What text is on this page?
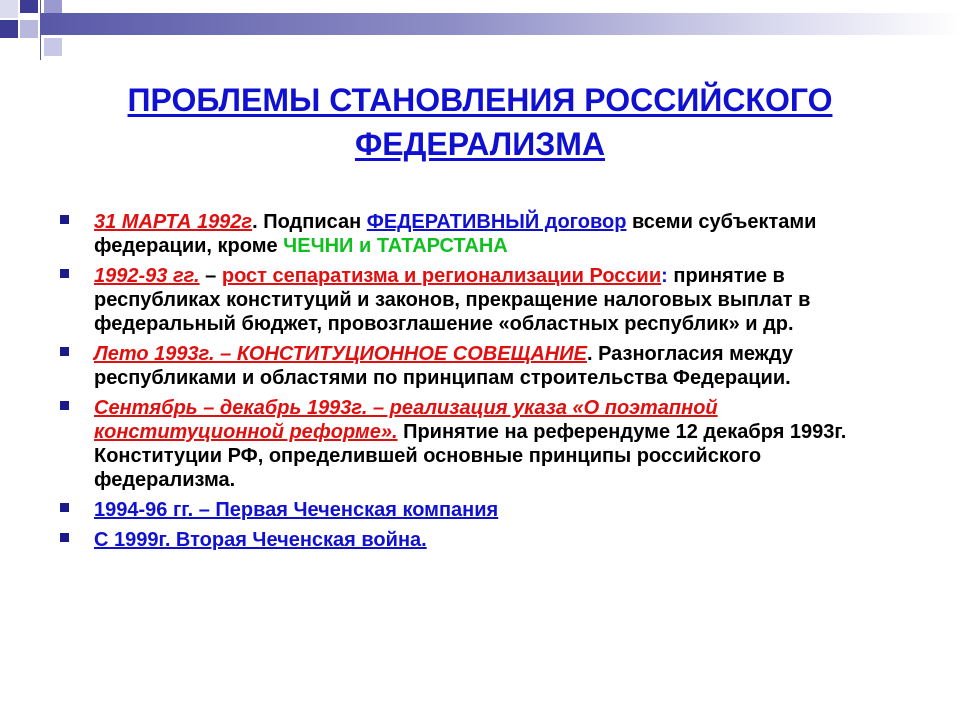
ПРОБЛЕМЫ СТАНОВЛЕНИЯ РОССИЙСКОГО ФЕДЕРАЛИЗМА
31 МАРТА 1992г. Подписан ФЕДЕРАТИВНЫЙ договор всеми субъектами федерации, кроме ЧЕЧНИ и ТАТАРСТАНА
1992-93 гг. – рост сепаратизма и регионализации России: принятие в республиках конституций и законов, прекращение налоговых выплат в федеральный бюджет, провозглашение «областных республик» и др.
Лето 1993г. – КОНСТИТУЦИОННОЕ СОВЕЩАНИЕ. Разногласия между республиками и областями по принципам строительства Федерации.
Сентябрь – декабрь 1993г. – реализация указа «О поэтапной конституционной реформе». Принятие на референдуме 12 декабря 1993г. Конституции РФ, определившей основные принципы российского федерализма.
1994-96 гг. – Первая Чеченская компания
С 1999г. Вторая Чеченская война.
